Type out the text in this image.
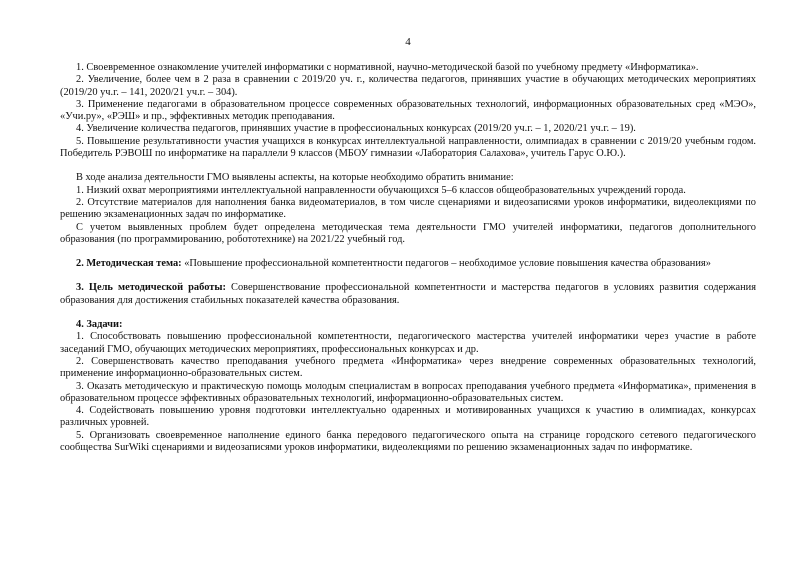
4

1. Своевременное ознакомление учителей информатики с нормативной, научно-методической базой по учебному предмету «Информатика».

2. Увеличение, более чем в 2 раза в сравнении с 2019/20 уч. г., количества педагогов, принявших участие в обучающих методических мероприятиях (2019/20 уч.г. – 141, 2020/21 уч.г. – 304).

3. Применение педагогами в образовательном процессе современных образовательных технологий, информационных образовательных сред «МЭО», «Учи.ру», «РЭШ» и пр., эффективных методик преподавания.

4. Увеличение количества педагогов, принявших участие в профессиональных конкурсах (2019/20 уч.г. – 1, 2020/21 уч.г. – 19).

5. Повышение результативности участия учащихся в конкурсах интеллектуальной направленности, олимпиадах в сравнении с 2019/20 учебным годом. Победитель РЭВОШ по информатике на параллели 9 классов (МБОУ гимназии «Лаборатория Салахова», учитель Гарус О.Ю.).

В ходе анализа деятельности ГМО выявлены аспекты, на которые необходимо обратить внимание:

1. Низкий охват мероприятиями интеллектуальной направленности обучающихся 5–6 классов общеобразовательных учреждений города.

2. Отсутствие материалов для наполнения банка видеоматериалов, в том числе сценариями и видеозаписями уроков информатики, видеолекциями по решению экзаменационных задач по информатике.

С учетом выявленных проблем будет определена методическая тема деятельности ГМО учителей информатики, педагогов дополнительного образования (по программированию, робототехнике) на 2021/22 учебный год.

2. Методическая тема: «Повышение профессиональной компетентности педагогов – необходимое условие повышения качества образования»

3. Цель методической работы: Совершенствование профессиональной компетентности и мастерства педагогов в условиях развития содержания образования для достижения стабильных показателей качества образования.

4. Задачи:

1. Способствовать повышению профессиональной компетентности, педагогического мастерства учителей информатики через участие в работе заседаний ГМО, обучающих методических мероприятиях, профессиональных конкурсах и др.

2. Совершенствовать качество преподавания учебного предмета «Информатика» через внедрение современных образовательных технологий, применение информационно-образовательных систем.

3. Оказать методическую и практическую помощь молодым специалистам в вопросах преподавания учебного предмета «Информатика», применения в образовательном процессе эффективных образовательных технологий, информационно-образовательных систем.

4. Содействовать повышению уровня подготовки интеллектуально одаренных и мотивированных учащихся к участию в олимпиадах, конкурсах различных уровней.

5. Организовать своевременное наполнение единого банка передового педагогического опыта на странице городского сетевого педагогического сообщества SurWiki сценариями и видеозаписями уроков информатики, видеолекциями по решению экзаменационных задач по информатике.
